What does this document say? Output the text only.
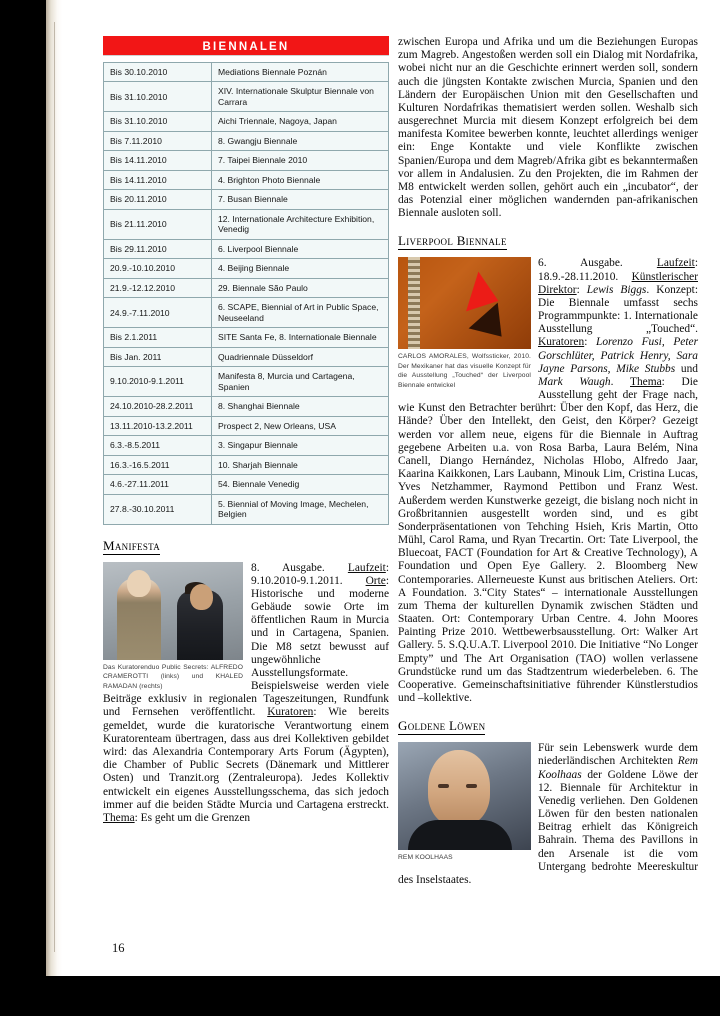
BIENNALEN
Bis 30.10.2010	Mediations Biennale Poznán
Bis 31.10.2010	XIV. Internationale Skulptur Biennale von Carrara
Bis 31.10.2010	Aichi Triennale, Nagoya, Japan
Bis 7.11.2010	8. Gwangju Biennale
Bis 14.11.2010	7. Taipei Biennale 2010
Bis 14.11.2010	4. Brighton Photo Biennale
Bis 20.11.2010	7. Busan Biennale
Bis 21.11.2010	12. Internationale Architecture Exhibition, Venedig
Bis 29.11.2010	6. Liverpool Biennale
20.9.-10.10.2010	4. Beijing Biennale
21.9.-12.12.2010	29. Biennale São Paulo
24.9.-7.11.2010	6. SCAPE, Biennial of Art in Public Space, Neuseeland
Bis 2.1.2011	SITE Santa Fe, 8. Internationale Biennale
Bis Jan. 2011	Quadriennale Düsseldorf
9.10.2010-9.1.2011	Manifesta 8, Murcia und Cartagena, Spanien
24.10.2010-28.2.2011	8. Shanghai Biennale
13.11.2010-13.2.2011	Prospect 2, New Orleans, USA
6.3.-8.5.2011	3. Singapur Biennale
16.3.-16.5.2011	10. Sharjah Biennale
4.6.-27.11.2011	54. Biennale Venedig
27.8.-30.10.2011	5. Biennial of Moving Image, Mechelen, Belgien
Manifesta
Das Kuratorenduo Public Secrets: ALFREDO CRAMEROTTI (links) und KHALED RAMADAN (rechts)

8. Ausgabe. Laufzeit: 9.10.2010-9.1.2011. Orte: Historische und moderne Gebäude sowie Orte im öffentlichen Raum in Murcia und in Cartagena, Spanien. Die M8 setzt bewusst auf ungewöhnliche Ausstellungsformate. Beispielsweise werden viele Beiträge exklusiv in regionalen Tageszeitungen, Rundfunk und Fernsehen veröffentlicht. Kuratoren: Wie bereits gemeldet, wurde die kuratorische Verantwortung einem Kuratorenteam übertragen, dass aus drei Kollektiven gebildet wird: das Alexandria Contemporary Arts Forum (Ägypten), die Chamber of Public Secrets (Dänemark und Mittlerer Osten) und Tranzit.org (Zentraleuropa). Jedes Kollektiv entwickelt ein eigenes Ausstellungsschema, das sich jedoch immer auf die beiden Städte Murcia und Cartagena erstreckt. Thema: Es geht um die Grenzen

zwischen Europa und Afrika und um die Beziehungen Europas zum Magreb. Angestoßen werden soll ein Dialog mit Nordafrika, wobei nicht nur an die Geschichte erinnert werden soll, sondern auch die jüngsten Kontakte zwischen Murcia, Spanien und den Ländern der Europäischen Union mit den Gesellschaften und Kulturen Nordafrikas thematisiert werden sollen. Weshalb sich ausgerechnet Murcia mit diesem Konzept erfolgreich bei dem manifesta Komitee bewerben konnte, leuchtet allerdings weniger ein: Enge Kontakte und viele Konflikte zwischen Spanien/Europa und dem Magreb/Afrika gibt es bekanntermaßen vor allem in Andalusien. Zu den Projekten, die im Rahmen der M8 entwickelt werden sollen, gehört auch ein „incubator“, der das Potenzial einer möglichen wandernden pan-afrikanischen Biennale ausloten soll.

Liverpool Biennale
CARLOS AMORALES, Wolfssticker, 2010. Der Mexikaner hat das visuelle Konzept für die Ausstellung „Touched“ der Liverpool Biennale entwickel

6. Ausgabe. Laufzeit: 18.9.-28.11.2010. Künstlerischer Direktor: Lewis Biggs. Konzept: Die Biennale umfasst sechs Programmpunkte: 1. Internationale Ausstellung „Touched“. Kuratoren: Lorenzo Fusi, Peter Gorschlüter, Patrick Henry, Sara Jayne Parsons, Mike Stubbs und Mark Waugh. Thema: Die Ausstellung geht der Frage nach, wie Kunst den Betrachter berührt: Über den Kopf, das Herz, die Hände? Über den Intellekt, den Geist, den Körper? Gezeigt werden vor allem neue, eigens für die Biennale in Auftrag gegebene Arbeiten u.a. von Rosa Barba, Laura Belém, Nina Canell, Diango Hernández, Nicholas Hlobo, Alfredo Jaar, Kaarina Kaikkonen, Lars Laubann, Minouk Lim, Cristina Lucas, Yves Netzhammer, Raymond Pettibon und Franz West. Außerdem werden Kunstwerke gezeigt, die bislang noch nicht in Großbritannien ausgestellt worden sind, und es gibt Sonderpräsentationen von Tehching Hsieh, Kris Martin, Otto Mühl, Carol Rama, und Ryan Trecartin. Ort: Tate Liverpool, the Bluecoat, FACT (Foundation for Art & Creative Technology), A Foundation und Open Eye Gallery. 2. Bloomberg New Contemporaries. Allerneueste Kunst aus britischen Ateliers. Ort: A Foundation. 3.“City States“ – internationale Ausstellungen zum Thema der kulturellen Dynamik zwischen Städten und Staaten. Ort: Contemporary Urban Centre. 4. John Moores Painting Prize 2010. Wettbewerbsausstellung. Ort: Walker Art Gallery. 5. S.Q.U.A.T. Liverpool 2010. Die Initiative “No Longer Empty” und The Art Organisation (TAO) wollen verlassene Grundstücke rund um das Stadtzentrum wiederbeleben. 6. The Cooperative. Gemeinschaftsinitiative führender Künstlerstudios und –kollektive.

Goldene Löwen
REM KOOLHAAS

Für sein Lebenswerk wurde dem niederländischen Architekten Rem Koolhaas der Goldene Löwe der 12. Biennale für Architektur in Venedig verliehen. Den Goldenen Löwen für den besten nationalen Beitrag erhielt das Königreich Bahrain. Thema des Pavillons in den Arsenale ist die vom Untergang bedrohte Meereskultur des Inselstaates.

16
